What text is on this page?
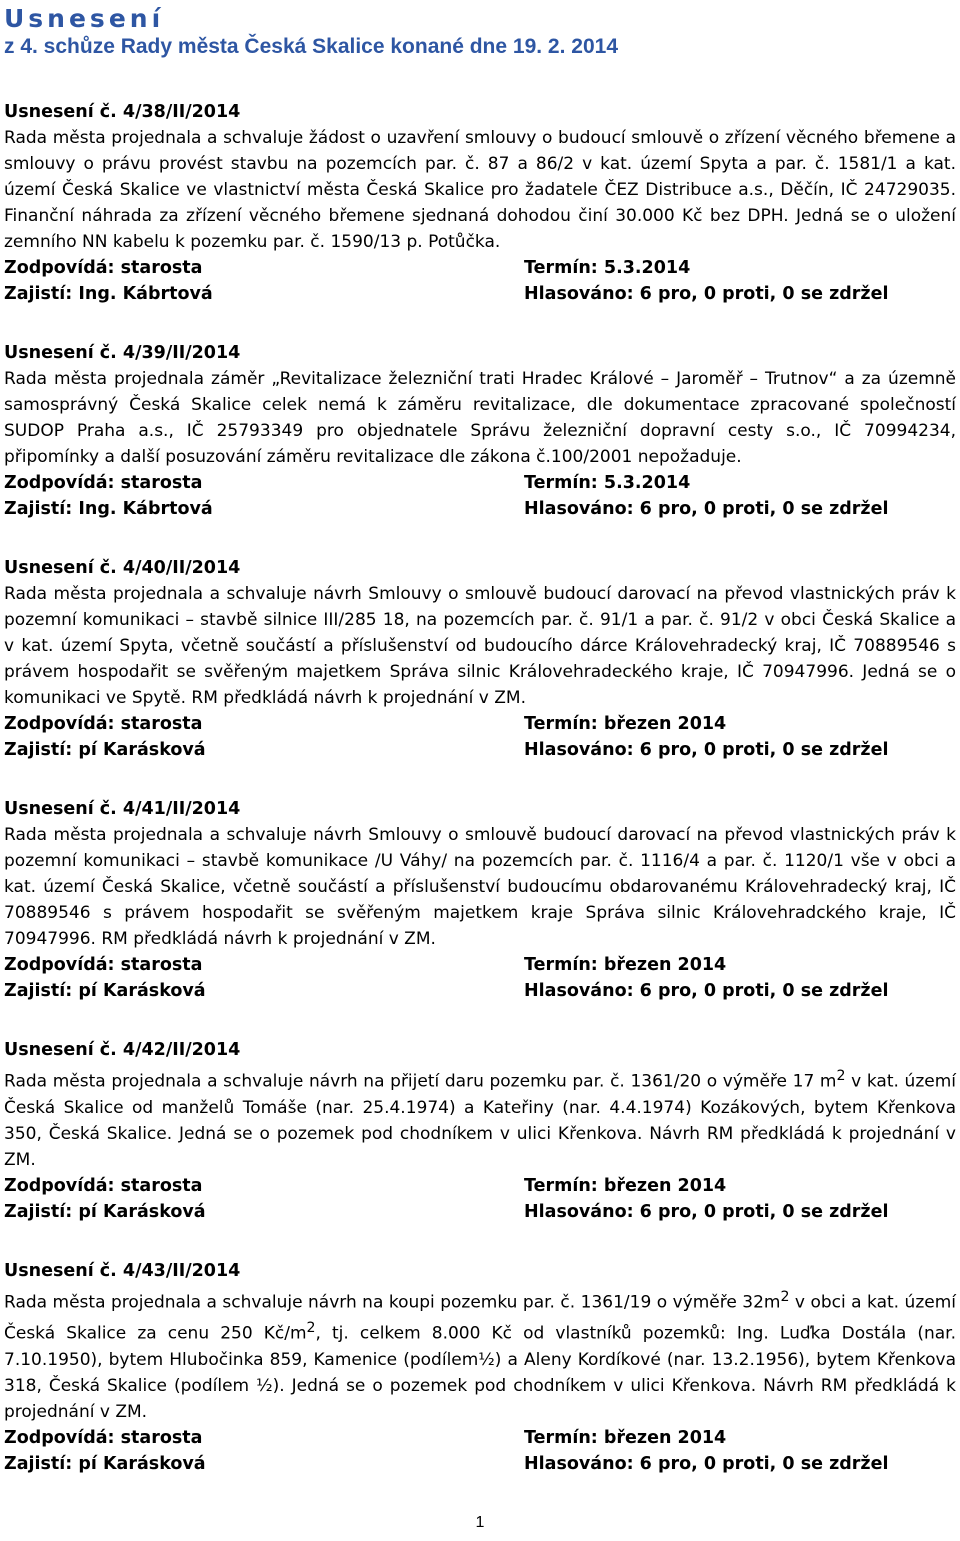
Usnesení
z 4. schůze Rady města Česká Skalice konané dne 19. 2. 2014
Usnesení č. 4/38/II/2014

Rada města projednala a schvaluje žádost o uzavření smlouvy o budoucí smlouvě o zřízení věcného břemene a smlouvy o právu provést stavbu na pozemcích par. č. 87 a 86/2 v kat. území Spyta a par. č. 1581/1 a kat. území Česká Skalice ve vlastnictví města Česká Skalice pro žadatele ČEZ Distribuce a.s., Děčín, IČ 24729035. Finanční náhrada za zřízení věcného břemene sjednaná dohodou činí 30.000 Kč bez DPH. Jedná se o uložení zemního NN kabelu k pozemku par. č. 1590/13 p. Potůčka.

Zodpovídá: starosta	Termín: 5.3.2014
Zajistí: Ing. Kábrtová	Hlasováno: 6 pro, 0 proti, 0 se zdržel
Usnesení č. 4/39/II/2014

Rada města projednala záměr „Revitalizace železniční trati Hradec Králové – Jaroměř – Trutnov“ a za územně samosprávný Česká Skalice celek nemá k záměru revitalizace, dle dokumentace zpracované společností SUDOP Praha a.s., IČ 25793349 pro objednatele Správu železniční dopravní cesty s.o., IČ 70994234, připomínky a další posuzování záměru revitalizace dle zákona č.100/2001 nepožaduje.

Zodpovídá: starosta	Termín: 5.3.2014
Zajistí: Ing. Kábrtová	Hlasováno: 6 pro, 0 proti, 0 se zdržel
Usnesení č. 4/40/II/2014

Rada města projednala a schvaluje návrh Smlouvy o smlouvě budoucí darovací na převod vlastnických práv k pozemní komunikaci – stavbě silnice III/285 18, na pozemcích par. č. 91/1 a par. č. 91/2 v obci Česká Skalice a v kat. území Spyta, včetně součástí a příslušenství od budoucího dárce Královehradecký kraj, IČ 70889546 s právem hospodařit se svěřeným majetkem Správa silnic Královehradeckého kraje, IČ 70947996. Jedná se o komunikaci ve Spytě. RM předkládá návrh k projednání v ZM.

Zodpovídá: starosta	Termín: březen 2014
Zajistí: pí Karásková	Hlasováno: 6 pro, 0 proti, 0 se zdržel
Usnesení č. 4/41/II/2014

Rada města projednala a schvaluje návrh Smlouvy o smlouvě budoucí darovací na převod vlastnických práv k pozemní komunikaci – stavbě komunikace /U Váhy/ na pozemcích par. č. 1116/4 a par. č. 1120/1 vše v obci a kat. území Česká Skalice, včetně součástí a příslušenství budoucímu obdarovanému Královehradecký kraj, IČ 70889546 s právem hospodařit se svěřeným majetkem kraje Správa silnic Královehradckého kraje, IČ 70947996. RM předkládá návrh k projednání v ZM.

Zodpovídá: starosta	Termín: březen 2014
Zajistí: pí Karásková	Hlasováno: 6 pro, 0 proti, 0 se zdržel
Usnesení č. 4/42/II/2014

Rada města projednala a schvaluje návrh na přijetí daru pozemku par. č. 1361/20 o výměře 17 $m^2$ v kat. území Česká Skalice od manželů Tomáše (nar. 25.4.1974) a Kateřiny (nar. 4.4.1974) Kozákových, bytem Křenkova 350, Česká Skalice. Jedná se o pozemek pod chodníkem v ulici Křenkova. Návrh RM předkládá k projednání v ZM.

Zodpovídá: starosta	Termín: březen 2014
Zajistí: pí Karásková	Hlasováno: 6 pro, 0 proti, 0 se zdržel
Usnesení č. 4/43/II/2014

Rada města projednala a schvaluje návrh na koupi pozemku par. č. 1361/19 o výměře $32m^2$ v obci a kat. území Česká Skalice za cenu 250 $Kč/m^2$, tj. celkem 8.000 Kč od vlastníků pozemků: Ing. Luďka Dostála (nar. 7.10.1950), bytem Hlubočinka 859, Kamenice (podílem½) a Aleny Kordíkové (nar. 13.2.1956), bytem Křenkova 318, Česká Skalice (podílem ½). Jedná se o pozemek pod chodníkem v ulici Křenkova. Návrh RM předkládá k projednání v ZM.

Zodpovídá: starosta	Termín: březen 2014
Zajistí: pí Karásková	Hlasováno: 6 pro, 0 proti, 0 se zdržel
1
